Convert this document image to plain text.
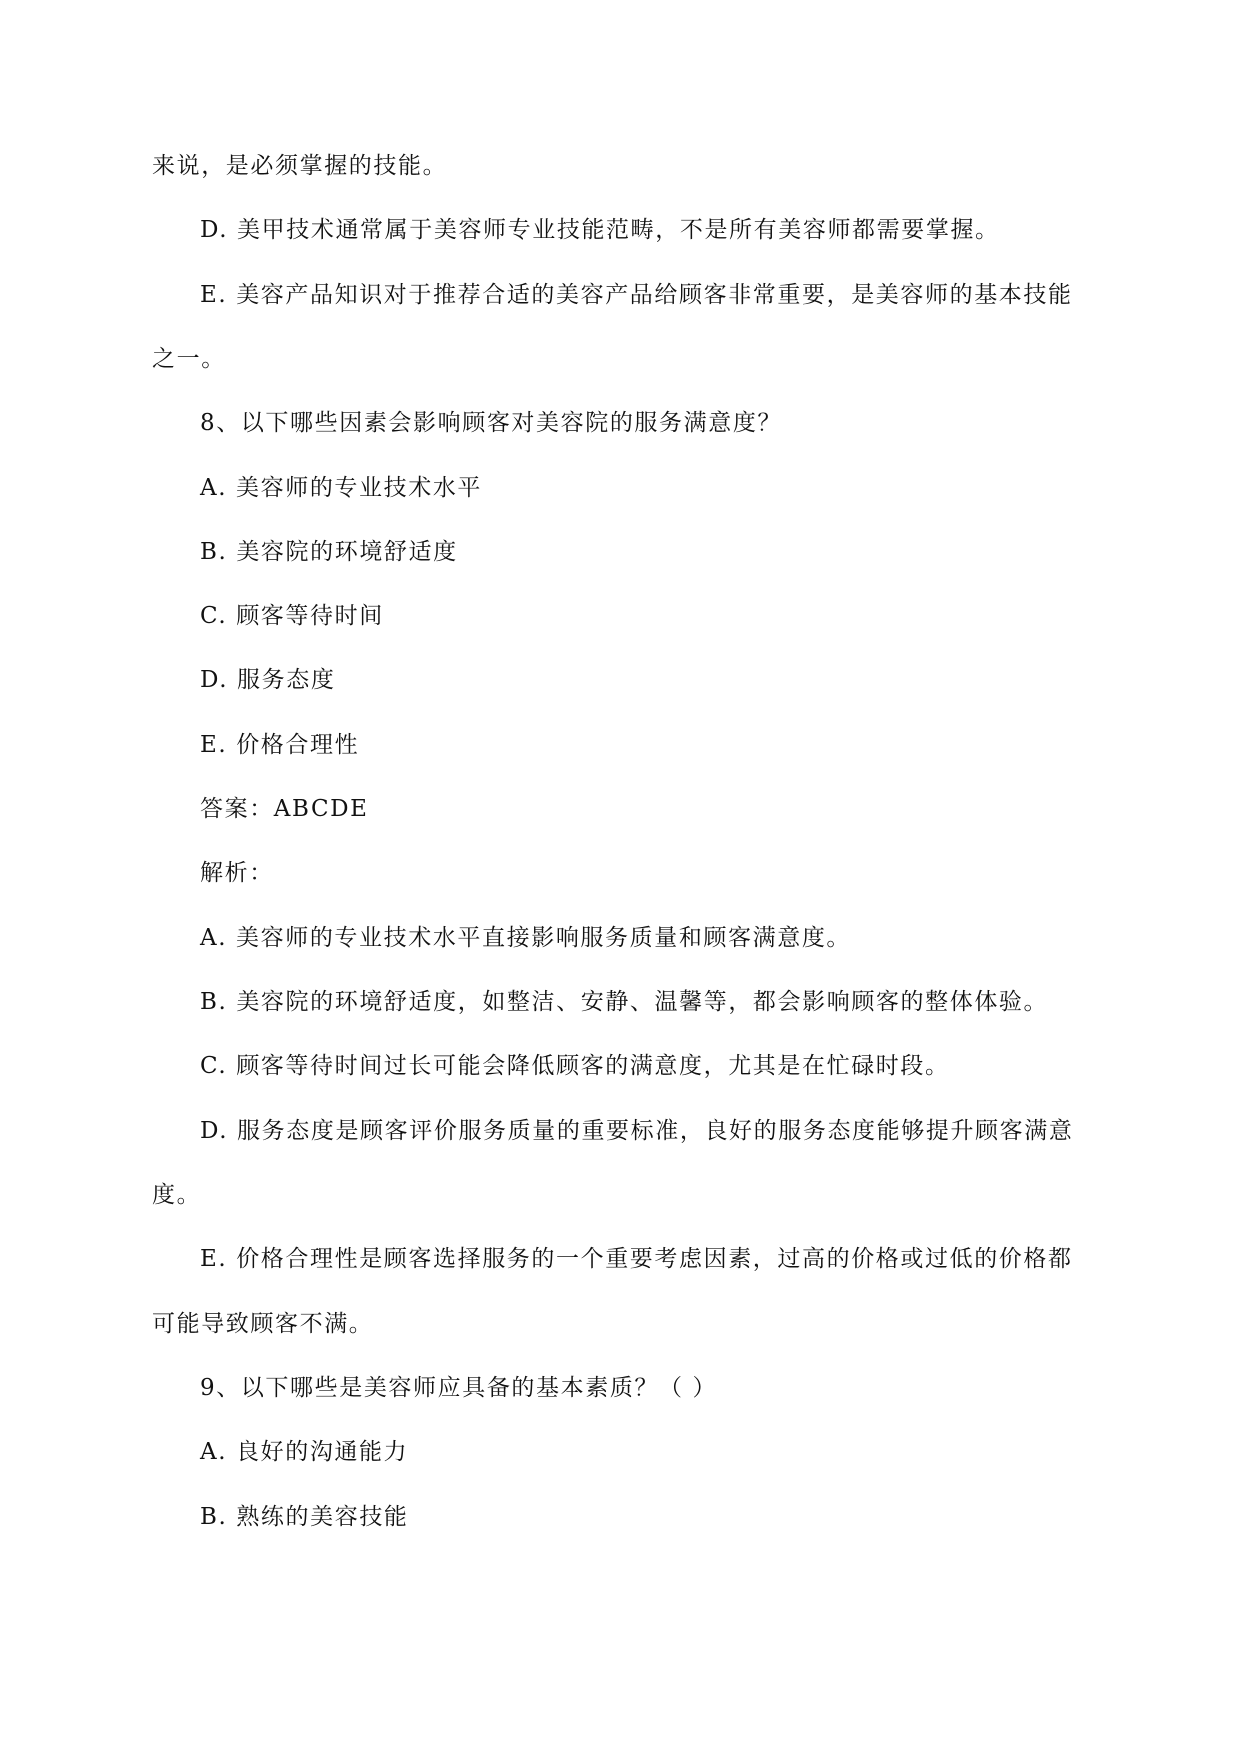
来说，是必须掌握的技能。
D. 美甲技术通常属于美容师专业技能范畴，不是所有美容师都需要掌握。
E. 美容产品知识对于推荐合适的美容产品给顾客非常重要，是美容师的基本技能
之一。
8、以下哪些因素会影响顾客对美容院的服务满意度？
A. 美容师的专业技术水平
B. 美容院的环境舒适度
C. 顾客等待时间
D. 服务态度
E. 价格合理性
答案：ABCDE
解析：
A. 美容师的专业技术水平直接影响服务质量和顾客满意度。
B. 美容院的环境舒适度，如整洁、安静、温馨等，都会影响顾客的整体体验。
C. 顾客等待时间过长可能会降低顾客的满意度，尤其是在忙碌时段。
D. 服务态度是顾客评价服务质量的重要标准，良好的服务态度能够提升顾客满意
度。
E. 价格合理性是顾客选择服务的一个重要考虑因素，过高的价格或过低的价格都
可能导致顾客不满。
9、以下哪些是美容师应具备的基本素质？（ ）
A. 良好的沟通能力
B. 熟练的美容技能
